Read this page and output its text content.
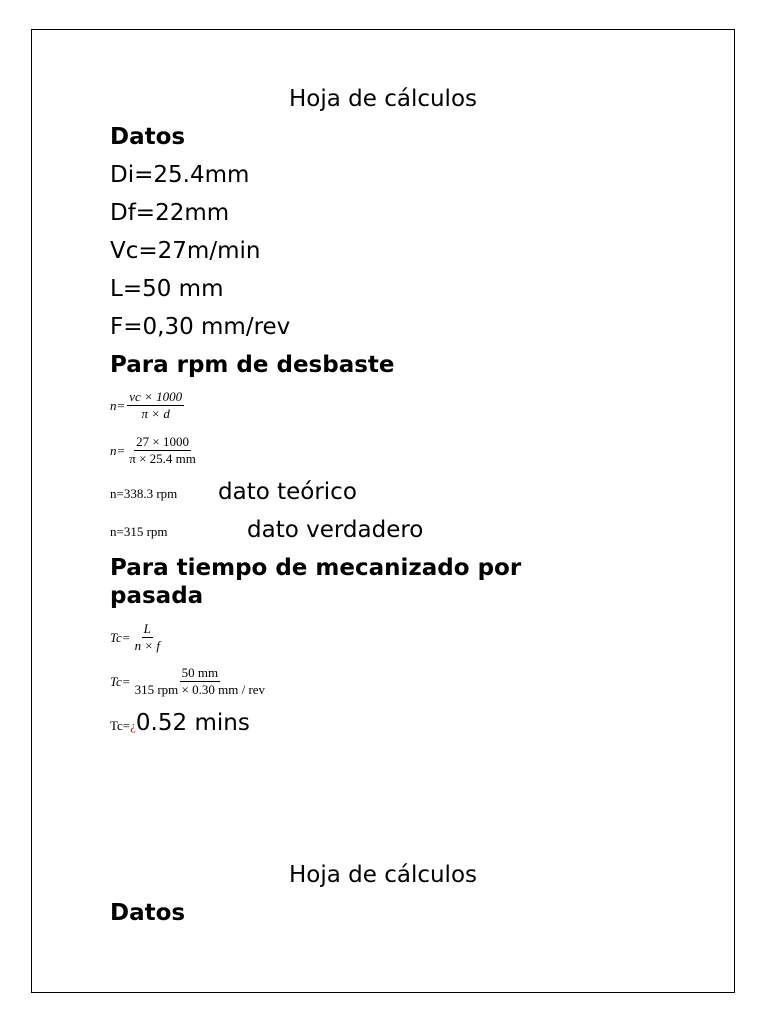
Hoja de cálculos
Datos
Di=25.4mm
Df=22mm
Vc=27m/min
L=50 mm
F=0,30 mm/rev
Para rpm de desbaste
$n= \frac{vc \times 1000}{\pi \times d}$
$n= \frac{27 \times 1000}{\pi \times 25.4 mm}$
n=338.3 rpm dato teórico
n=315 rpm	dato verdadero
Para tiempo de mecanizado por
pasada
$Tc= \frac{L}{n \times f}$
$Tc= \frac{50 mm}{\text{315 rpm × 0.30 mm / rev}}$
Tc= ¿ 0.52 mins
Hoja de cálculos
Datos
